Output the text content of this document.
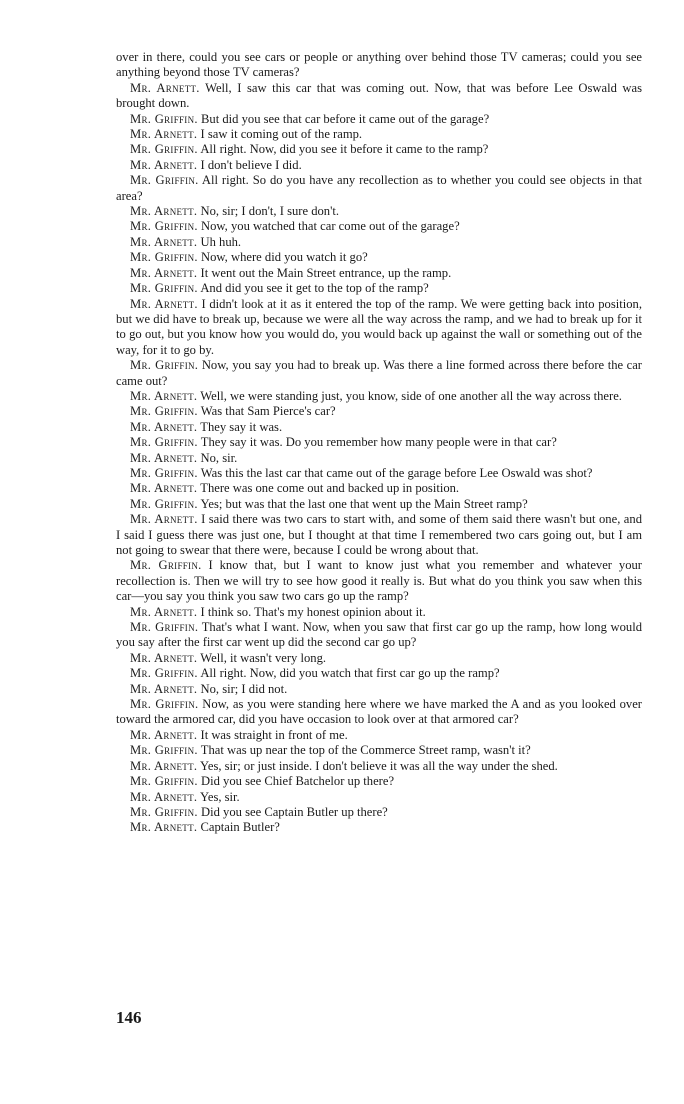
over in there, could you see cars or people or anything over behind those TV cameras; could you see anything beyond those TV cameras?

Mr. Arnett. Well, I saw this car that was coming out. Now, that was before Lee Oswald was brought down.

Mr. Griffin. But did you see that car before it came out of the garage?

Mr. Arnett. I saw it coming out of the ramp.

Mr. Griffin. All right. Now, did you see it before it came to the ramp?

Mr. Arnett. I don't believe I did.

Mr. Griffin. All right. So do you have any recollection as to whether you could see objects in that area?

Mr. Arnett. No, sir; I don't, I sure don't.

Mr. Griffin. Now, you watched that car come out of the garage?

Mr. Arnett. Uh huh.

Mr. Griffin. Now, where did you watch it go?

Mr. Arnett. It went out the Main Street entrance, up the ramp.

Mr. Griffin. And did you see it get to the top of the ramp?

Mr. Arnett. I didn't look at it as it entered the top of the ramp. We were getting back into position, but we did have to break up, because we were all the way across the ramp, and we had to break up for it to go out, but you know how you would do, you would back up against the wall or something out of the way, for it to go by.

Mr. Griffin. Now, you say you had to break up. Was there a line formed across there before the car came out?

Mr. Arnett. Well, we were standing just, you know, side of one another all the way across there.

Mr. Griffin. Was that Sam Pierce's car?

Mr. Arnett. They say it was.

Mr. Griffin. They say it was. Do you remember how many people were in that car?

Mr. Arnett. No, sir.

Mr. Griffin. Was this the last car that came out of the garage before Lee Oswald was shot?

Mr. Arnett. There was one come out and backed up in position.

Mr. Griffin. Yes; but was that the last one that went up the Main Street ramp?

Mr. Arnett. I said there was two cars to start with, and some of them said there wasn't but one, and I said I guess there was just one, but I thought at that time I remembered two cars going out, but I am not going to swear that there were, because I could be wrong about that.

Mr. Griffin. I know that, but I want to know just what you remember and whatever your recollection is. Then we will try to see how good it really is. But what do you think you saw when this car—you say you think you saw two cars go up the ramp?

Mr. Arnett. I think so. That's my honest opinion about it.

Mr. Griffin. That's what I want. Now, when you saw that first car go up the ramp, how long would you say after the first car went up did the second car go up?

Mr. Arnett. Well, it wasn't very long.

Mr. Griffin. All right. Now, did you watch that first car go up the ramp?

Mr. Arnett. No, sir; I did not.

Mr. Griffin. Now, as you were standing here where we have marked the A and as you looked over toward the armored car, did you have occasion to look over at that armored car?

Mr. Arnett. It was straight in front of me.

Mr. Griffin. That was up near the top of the Commerce Street ramp, wasn't it?

Mr. Arnett. Yes, sir; or just inside. I don't believe it was all the way under the shed.

Mr. Griffin. Did you see Chief Batchelor up there?

Mr. Arnett. Yes, sir.

Mr. Griffin. Did you see Captain Butler up there?

Mr. Arnett. Captain Butler?

146
